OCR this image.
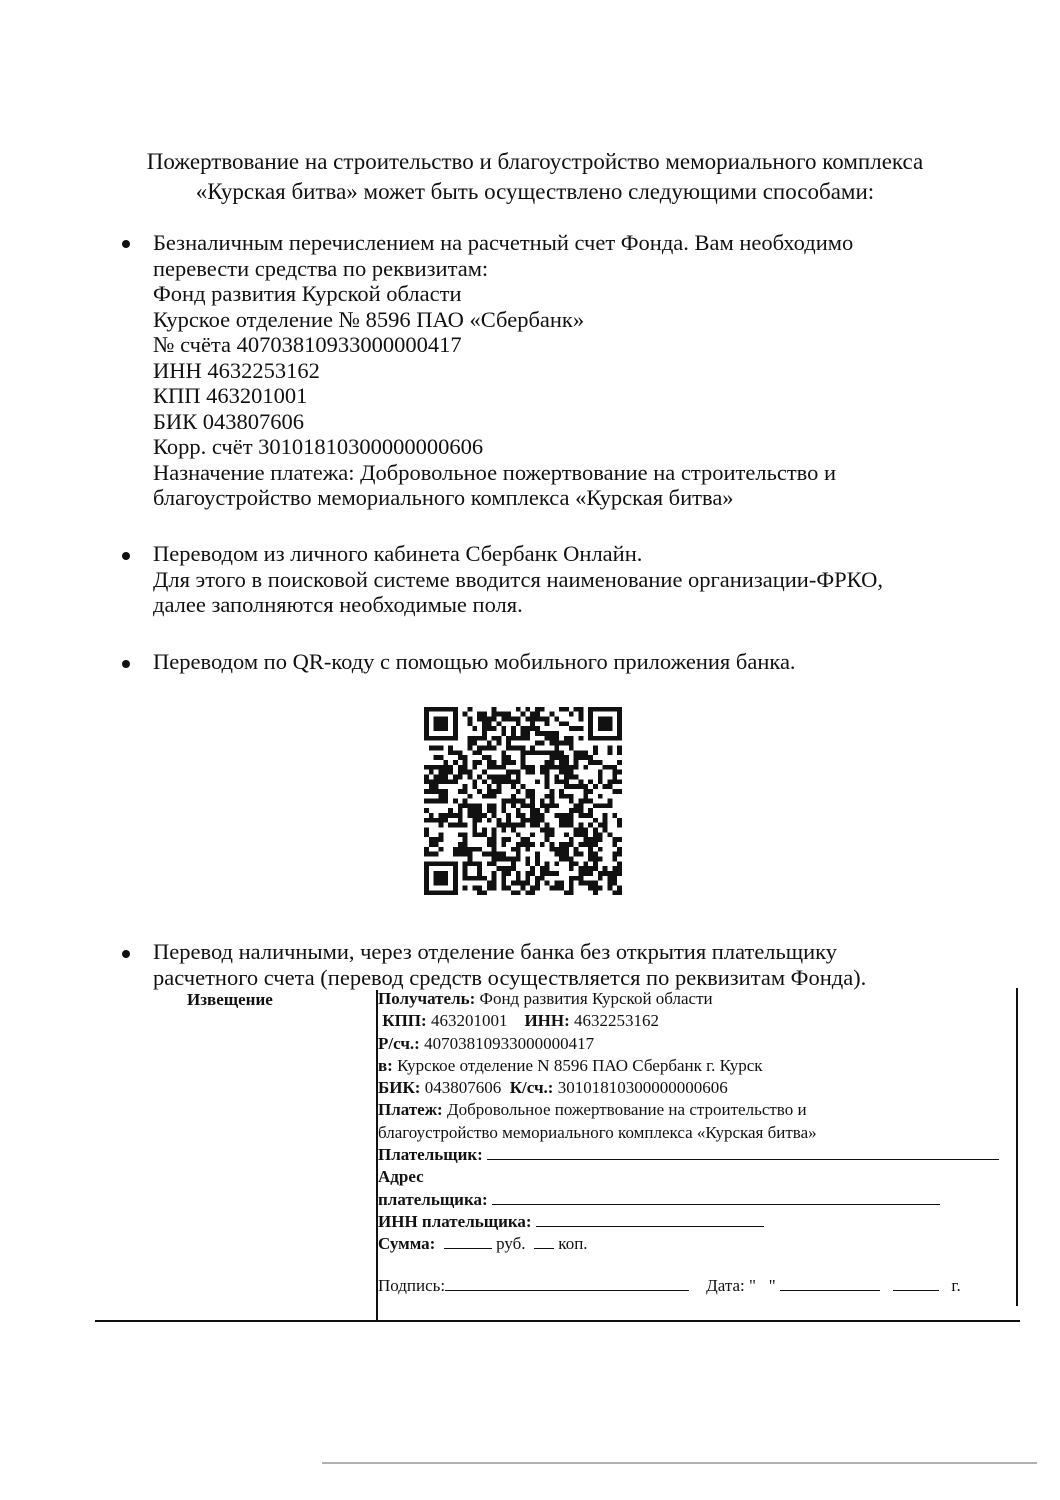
Пожертвование на строительство и благоустройство мемориального комплекса
«Курская битва» может быть осуществлено следующими способами:
Безналичным перечислением на расчетный счет Фонда. Вам необходимо
перевести средства по реквизитам:
Фонд развития Курской области
Курское отделение № 8596 ПАО «Сбербанк»
№ счёта 40703810933000000417
ИНН 4632253162
КПП 463201001
БИК 043807606
Корр. счёт 30101810300000000606
Назначение платежа: Добровольное пожертвование на строительство и
благоустройство мемориального комплекса «Курская битва»
Переводом из личного кабинета Сбербанк Онлайн.
Для этого в поисковой системе вводится наименование организации-ФРКО,
далее заполняются необходимые поля.
Переводом по QR-коду с помощью мобильного приложения банка.
Перевод наличными, через отделение банка без открытия плательщику
расчетного счета (перевод средств осуществляется по реквизитам Фонда).
Извещение	Получатель: Фонд развития Курской области
КПП: 463201001 ИНН: 4632253162
Р/сч.: 40703810933000000417
в: Курское отделение N 8596 ПАО Сбербанк г. Курск
БИК: 043807606 К/сч.: 30101810300000000606
Платеж: Добровольное пожертвование на строительство и
благоустройство мемориального комплекса «Курская битва»
Плательщик:
Адрес
плательщика:
ИНН плательщика:
Сумма:	руб. коп.
Подпись:	Дата: " "	г.
